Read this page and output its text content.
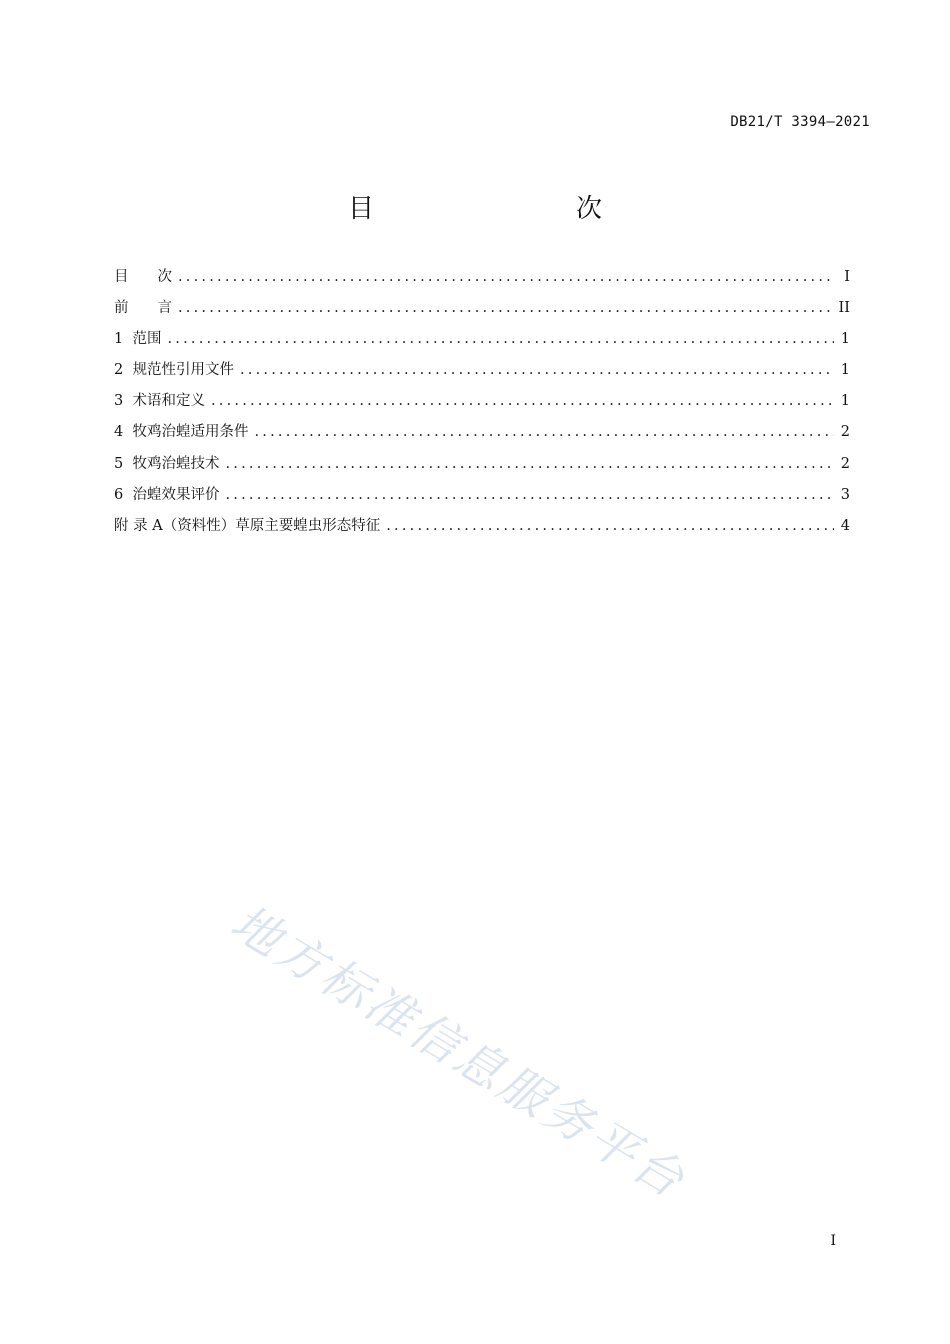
DB21/T 3394—2021
目　　次
目　　次 .....	I
前　　言 .....	II
1  范围 .....	1
2  规范性引用文件 .....	1
3  术语和定义 .....	1
4  牧鸡治蝗适用条件 .....	2
5  牧鸡治蝗技术 .....	2
6  治蝗效果评价 .....	3
附 录 A（资料性）草原主要蝗虫形态特征 .....	4
地方标准信息服务平台
I
